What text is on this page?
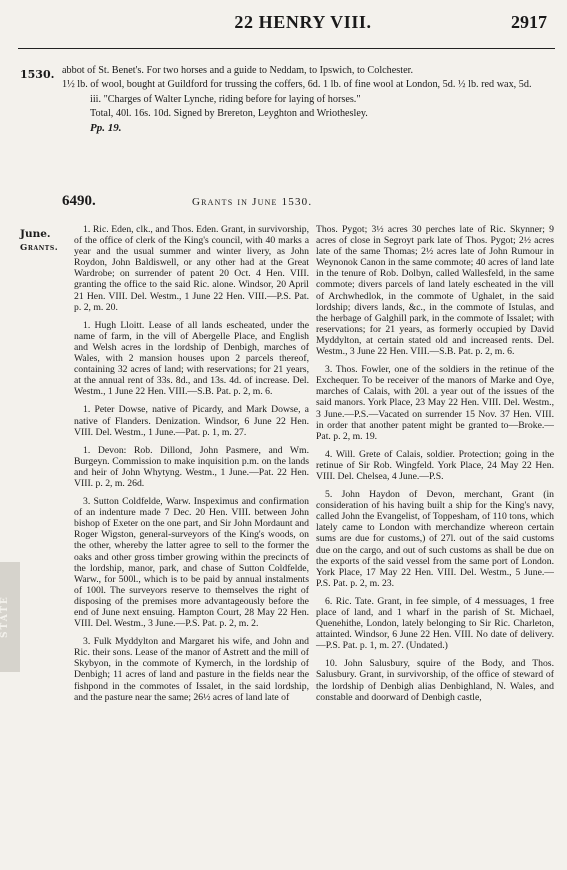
22 HENRY VIII.	2917
1530. abbot of St. Benet's. For two horses and a guide to Neddam, to Ipswich, to Colchester.

1½ lb. of wool, bought at Guildford for trussing the coffers, 6d. 1 lb. of fine wool at London, 5d. ½ lb. red wax, 5d.

iii. "Charges of Walter Lynche, riding before for laying of horses."

Total, 40l. 16s. 10d. Signed by Brereton, Leyghton and Wriothesley.

Pp. 19.

6490.	Grants in June 1530.
June.
Grants.

1. Ric. Eden, clk., and Thos. Eden. Grant, in survivorship, of the office of clerk of the King's council, with 40 marks a year and the usual summer and winter livery, as John Roydon, John Baldiswell, or any other had at the Great Wardrobe; on surrender of patent 20 Oct. 4 Hen. VIII. granting the office to the said Ric. alone. Windsor, 20 April 21 Hen. VIII. Del. Westm., 1 June 22 Hen. VIII.—P.S. Pat. p. 2, m. 20.

1. Hugh Lloitt. Lease of all lands escheated, under the name of farm, in the vill of Abergelle Place, and English and Welsh acres in the lordship of Denbigh, marches of Wales, with 2 mansion houses upon 2 parcels thereof, containing 32 acres of land; with reservations; for 21 years, at the annual rent of 33s. 8d., and 13s. 4d. of increase. Del. Westm., 1 June 22 Hen. VIII.—S.B. Pat. p. 2, m. 6.

1. Peter Dowse, native of Picardy, and Mark Dowse, a native of Flanders. Denization. Windsor, 6 June 22 Hen. VIII. Del. Westm., 1 June.—Pat. p. 1, m. 27.

1. Devon: Rob. Dillond, John Pasmere, and Wm. Burgeyn. Commission to make inquisition p.m. on the lands and heir of John Whytyng. Westm., 1 June.—Pat. 22 Hen. VIII. p. 2, m. 26d.

3. Sutton Coldfelde, Warw. Inspeximus and confirmation of an indenture made 7 Dec. 20 Hen. VIII. between John bishop of Exeter on the one part, and Sir John Mordaunt and Roger Wigston, general-surveyors of the King's woods, on the other, whereby the latter agree to sell to the former the oaks and other gross timber growing within the precincts of the lordship, manor, park, and chase of Sutton Coldfelde, Warw., for 500l., which is to be paid by annual instalments of 100l. The surveyors reserve to themselves the right of disposing of the premises more advantageously before the end of June next ensuing. Hampton Court, 28 May 22 Hen. VIII. Del. Westm., 3 June.—P.S. Pat. p. 2, m. 2.

3. Fulk Myddylton and Margaret his wife, and John and Ric. their sons. Lease of the manor of Astrett and the mill of Skybyon, in the commote of Kymerch, in the lordship of Denbigh; 11 acres of land and pasture in the fields near the fishpond in the commotes of Issalet, in the said lordship, and the pasture near the same; 26½ acres of land late of

Thos. Pygot; 3½ acres 30 perches late of Ric. Skynner; 9 acres of close in Segroyt park late of Thos. Pygot; 2½ acres late of the same Thomas; 2½ acres late of John Rumour in Weynonok Canon in the same commote; 40 acres of land late in the tenure of Rob. Dolbyn, called Wallesfeld, in the same commote; divers parcels of land lately escheated in the vill of Archwhedlok, in the commote of Ughalet, in the said lordship; divers lands, &c., in the commote of Istulas, and the herbage of Galghill park, in the commote of Issalet; with reservations; for 21 years, as formerly occupied by David Myddylton, at certain stated old and increased rents. Del. Westm., 3 June 22 Hen. VIII.—S.B. Pat. p. 2, m. 6.

3. Thos. Fowler, one of the soldiers in the retinue of the Exchequer. To be receiver of the manors of Marke and Oye, marches of Calais, with 20l. a year out of the issues of the said manors. York Place, 23 May 22 Hen. VIII. Del. Westm., 3 June.—P.S.—Vacated on surrender 15 Nov. 37 Hen. VIII. in order that another patent might be granted to—Broke.—Pat. p. 2, m. 19.

4. Will. Grete of Calais, soldier. Protection; going in the retinue of Sir Rob. Wingfeld. York Place, 24 May 22 Hen. VIII. Del. Chelsea, 4 June.—P.S.

5. John Haydon of Devon, merchant, Grant (in consideration of his having built a ship for the King's navy, called John the Evangelist, of Toppesham, of 110 tons, which lately came to London with merchandize whereon certain sums are due for customs,) of 27l. out of the said customs due on the cargo, and out of such customs as shall be due on the exports of the said vessel from the same port of London. York Place, 17 May 22 Hen. VIII. Del. Westm., 5 June.—P.S. Pat. p. 2, m. 23.

6. Ric. Tate. Grant, in fee simple, of 4 messuages, 1 free place of land, and 1 wharf in the parish of St. Michael, Quenehithe, London, lately belonging to Sir Ric. Charleton, attainted. Windsor, 6 June 22 Hen. VIII. No date of delivery.—P.S. Pat. p. 1, m. 27. (Undated.)

10. John Salusbury, squire of the Body, and Thos. Salusbury. Grant, in survivorship, of the office of steward of the lordship of Denbigh alias Denbighland, N. Wales, and constable and doorward of Denbigh castle,

STATE
